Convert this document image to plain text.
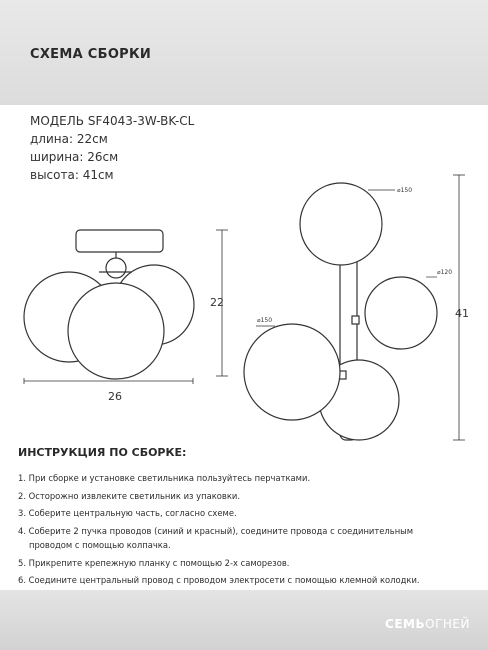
СХЕМА СБОРКИ
МОДЕЛЬ SF4043-3W-BK-CL
длина: 22см
ширина: 26см
высота: 41см
26
22
41
⌀150
⌀120
⌀150
ИНСТРУКЦИЯ ПО СБОРКЕ:
1. При сборке и установке светильника пользуйтесь перчатками.
2. Осторожно извлеките светильник из упаковки.
3. Соберите центральную часть, согласно схеме.
4. Соберите 2 пучка проводов (синий и красный), соедините провода с соединительным
проводом с помощью колпачка.
5. Прикрепите крепежную планку с помощью 2-х саморезов.
6. Соедините центральный провод с проводом электросети с помощью клемной колодки.
СЕМЬОГНЕЙ
